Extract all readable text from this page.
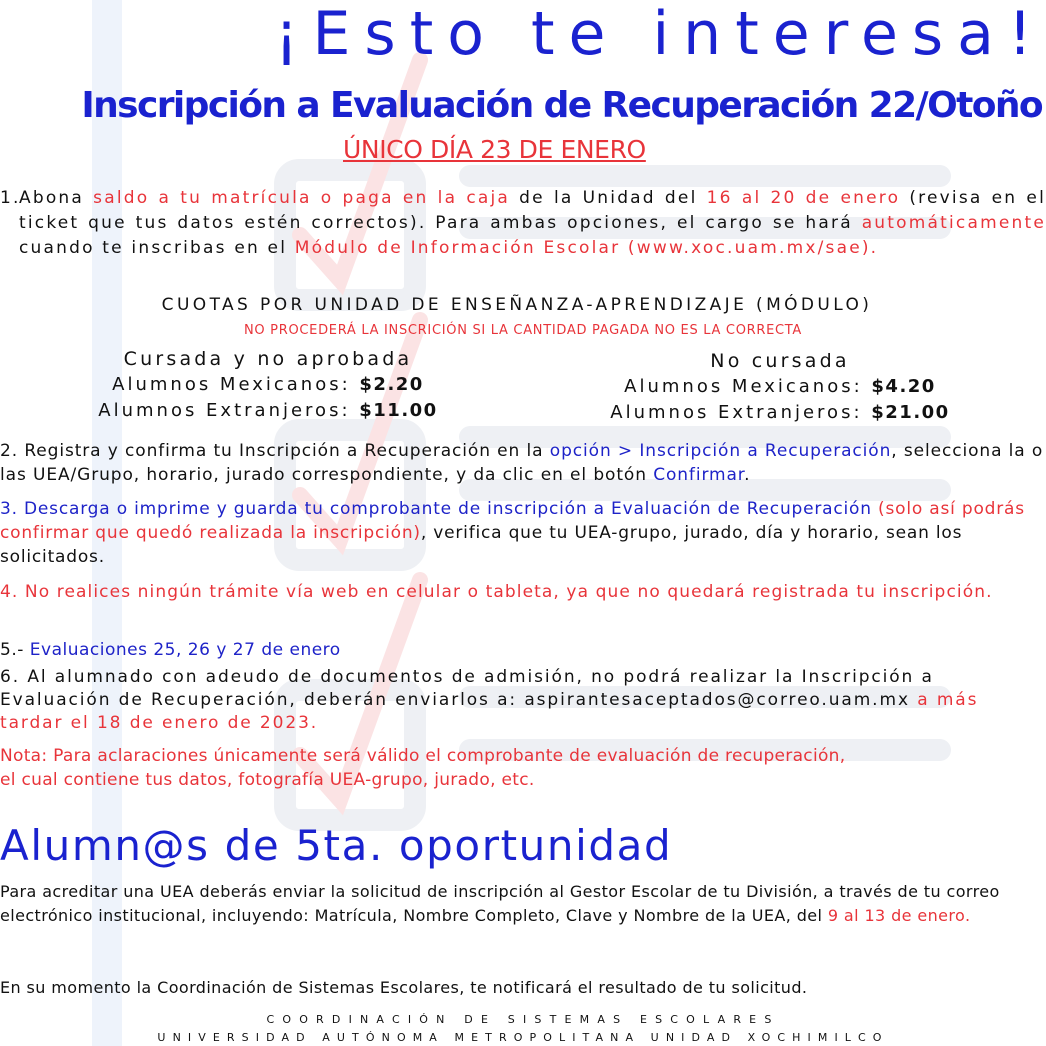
¡Esto te interesa!
Inscripción a Evaluación de Recuperación 22/Otoño
ÚNICO DÍA 23 DE ENERO
1.
Abona saldo a tu matrícula o paga en la caja de la Unidad del 16 al 20 de enero (revisa en el ticket que tus datos estén correctos). Para ambas opciones, el cargo se hará automáticamente cuando te inscribas en el Módulo de Información Escolar (www.xoc.uam.mx/sae).
CUOTAS POR UNIDAD DE ENSEÑANZA-APRENDIZAJE (MÓDULO)
NO PROCEDERÁ LA INSCRICIÓN SI LA CANTIDAD PAGADA NO ES LA CORRECTA
Cursada y no aprobada
Alumnos Mexicanos: $2.20
Alumnos Extranjeros: $11.00
No cursada
Alumnos Mexicanos: $4.20
Alumnos Extranjeros: $21.00
2. Registra y confirma tu Inscripción a Recuperación en la opción > Inscripción a Recuperación, selecciona la o las UEA/Grupo, horario, jurado correspondiente, y da clic en el botón Confirmar.
3. Descarga o imprime y guarda tu comprobante de inscripción a Evaluación de Recuperación (solo así podrás confirmar que quedó realizada la inscripción), verifica que tu UEA-grupo, jurado, día y horario, sean los solicitados.
4. No realices ningún trámite vía web en celular o tableta, ya que no quedará registrada tu inscripción.
5.- Evaluaciones 25, 26 y 27 de enero
6. Al alumnado con adeudo de documentos de admisión, no podrá realizar la Inscripción a Evaluación de Recuperación, deberán enviarlos a: aspirantesaceptados@correo.uam.mx a más tardar el 18 de enero de 2023.
Nota: Para aclaraciones únicamente será válido el comprobante de evaluación de recuperación,
el cual contiene tus datos, fotografía UEA-grupo, jurado, etc.
Alumn@s de 5ta. oportunidad
Para acreditar una UEA deberás enviar la solicitud de inscripción al Gestor Escolar de tu División, a través de tu correo electrónico institucional, incluyendo: Matrícula, Nombre Completo, Clave y Nombre de la UEA, del 9 al 13 de enero.
En su momento la Coordinación de Sistemas Escolares, te notificará el resultado de tu solicitud.
COORDINACIÓN DE SISTEMAS ESCOLARES
UNIVERSIDAD AUTÓNOMA METROPOLITANA UNIDAD XOCHIMILCO
